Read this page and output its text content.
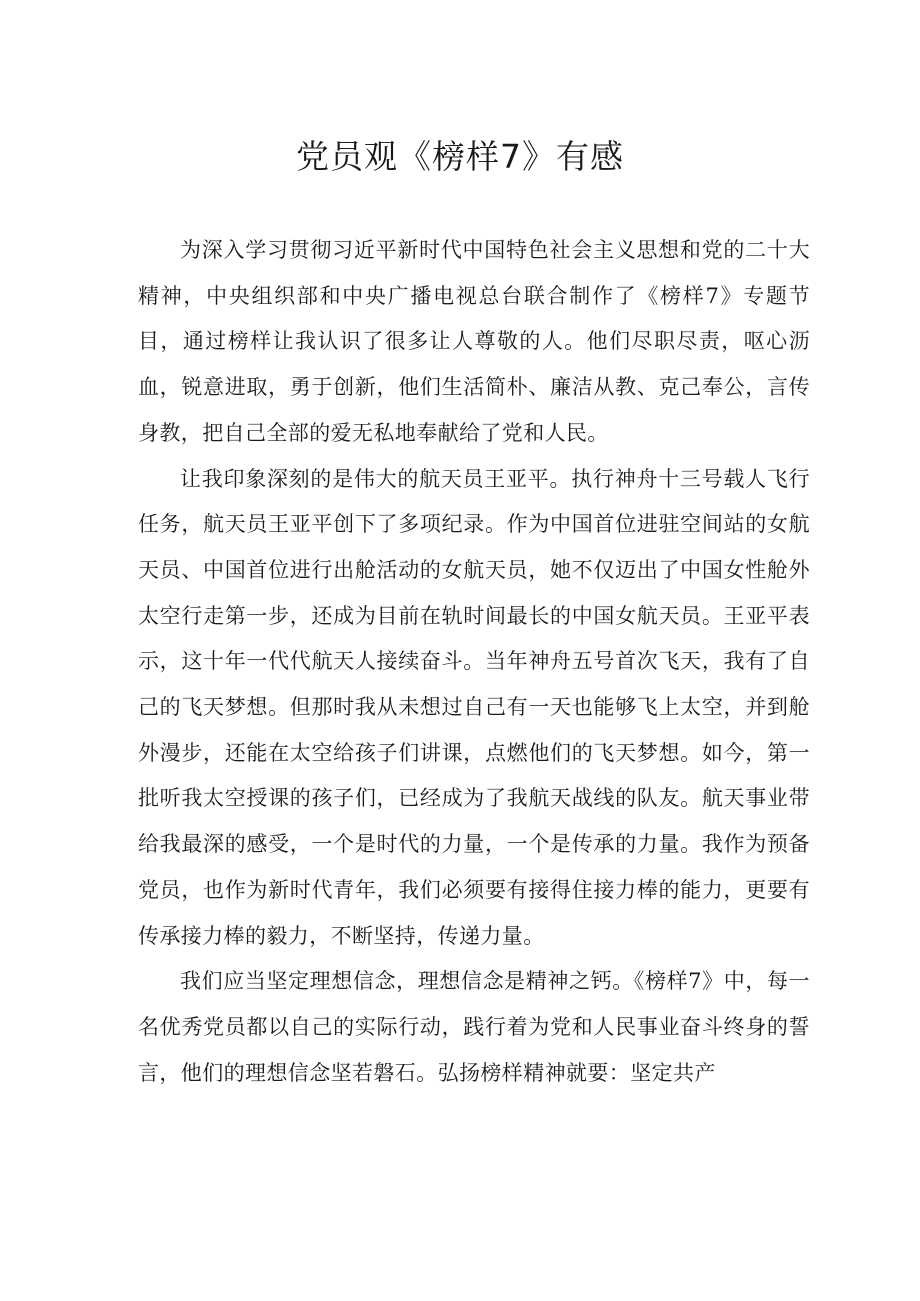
党员观《榜样7》有感

为深入学习贯彻习近平新时代中国特色社会主义思想和党的二十大精神，中央组织部和中央广播电视总台联合制作了《榜样7》专题节目，通过榜样让我认识了很多让人尊敬的人。他们尽职尽责，呕心沥血，锐意进取，勇于创新，他们生活简朴、廉洁从教、克己奉公，言传身教，把自己全部的爱无私地奉献给了党和人民。

让我印象深刻的是伟大的航天员王亚平。执行神舟十三号载人飞行任务，航天员王亚平创下了多项纪录。作为中国首位进驻空间站的女航天员、中国首位进行出舱活动的女航天员，她不仅迈出了中国女性舱外太空行走第一步，还成为目前在轨时间最长的中国女航天员。王亚平表示，这十年一代代航天人接续奋斗。当年神舟五号首次飞天，我有了自己的飞天梦想。但那时我从未想过自己有一天也能够飞上太空，并到舱外漫步，还能在太空给孩子们讲课，点燃他们的飞天梦想。如今，第一批听我太空授课的孩子们，已经成为了我航天战线的队友。航天事业带给我最深的感受，一个是时代的力量，一个是传承的力量。我作为预备党员，也作为新时代青年，我们必须要有接得住接力棒的能力，更要有传承接力棒的毅力，不断坚持，传递力量。

我们应当坚定理想信念，理想信念是精神之钙。《榜样7》中，每一名优秀党员都以自己的实际行动，践行着为党和人民事业奋斗终身的誓言，他们的理想信念坚若磐石。弘扬榜样精神就要：坚定共产
